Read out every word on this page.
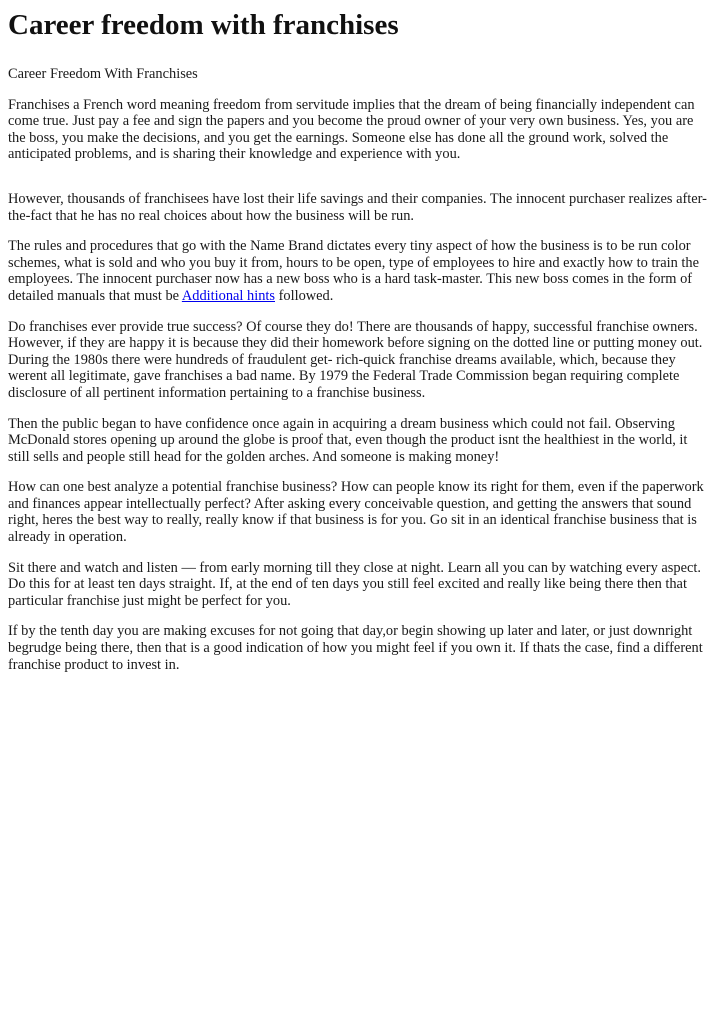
Career freedom with franchises

Career Freedom With Franchises

Franchises a French word meaning freedom from servitude implies that the dream of being financially independent can come true. Just pay a fee and sign the papers and you become the proud owner of your very own business. Yes, you are the boss, you make the decisions, and you get the earnings. Someone else has done all the ground work, solved the anticipated problems, and is sharing their knowledge and experience with you.

However, thousands of franchisees have lost their life savings and their companies. The innocent purchaser realizes after-the-fact that he has no real choices about how the business will be run.

The rules and procedures that go with the Name Brand dictates every tiny aspect of how the business is to be run color schemes, what is sold and who you buy it from, hours to be open, type of employees to hire and exactly how to train the employees. The innocent purchaser now has a new boss who is a hard task-master. This new boss comes in the form of detailed manuals that must be Additional hints followed.

Do franchises ever provide true success? Of course they do! There are thousands of happy, successful franchise owners. However, if they are happy it is because they did their homework before signing on the dotted line or putting money out. During the 1980s there were hundreds of fraudulent get- rich-quick franchise dreams available, which, because they werent all legitimate, gave franchises a bad name. By 1979 the Federal Trade Commission began requiring complete disclosure of all pertinent information pertaining to a franchise business.

Then the public began to have confidence once again in acquiring a dream business which could not fail. Observing McDonald stores opening up around the globe is proof that, even though the product isnt the healthiest in the world, it still sells and people still head for the golden arches. And someone is making money!

How can one best analyze a potential franchise business? How can people know its right for them, even if the paperwork and finances appear intellectually perfect? After asking every conceivable question, and getting the answers that sound right, heres the best way to really, really know if that business is for you. Go sit in an identical franchise business that is already in operation.

Sit there and watch and listen — from early morning till they close at night. Learn all you can by watching every aspect. Do this for at least ten days straight. If, at the end of ten days you still feel excited and really like being there then that particular franchise just might be perfect for you.

If by the tenth day you are making excuses for not going that day,or begin showing up later and later, or just downright begrudge being there, then that is a good indication of how you might feel if you own it. If thats the case, find a different franchise product to invest in.
